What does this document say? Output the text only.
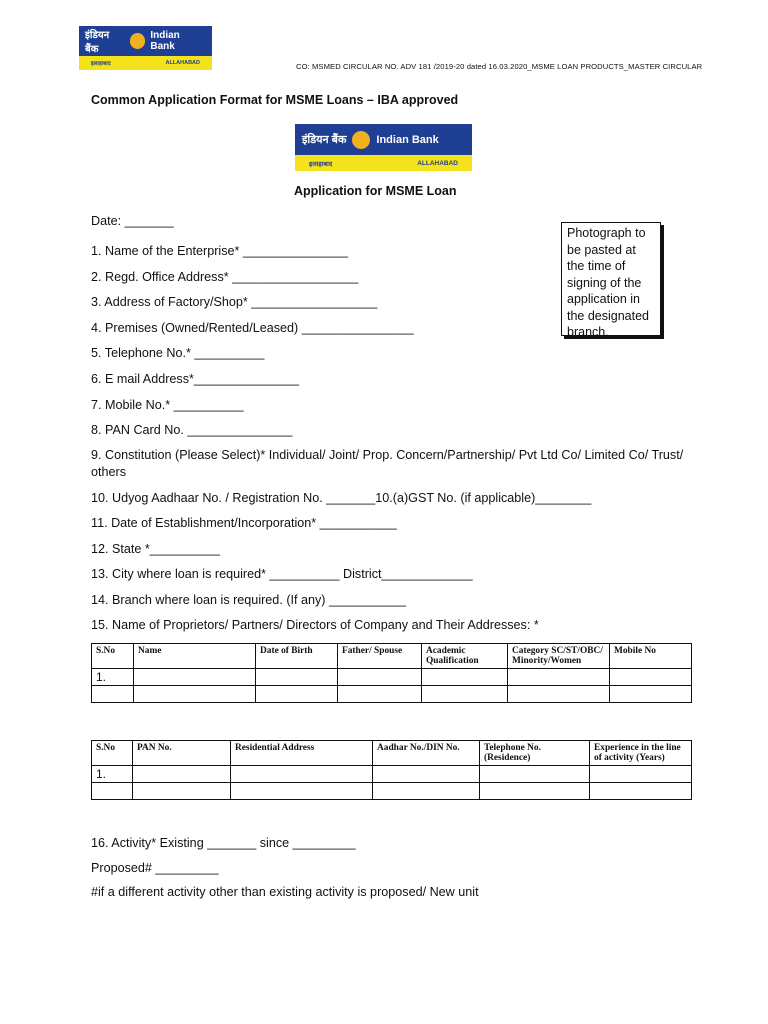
इंडियन बैंक
Indian Bank
इलाहाबाद	ALLAHABAD	CO: MSMED CIRCULAR NO. ADV 181 /2019-20 dated 16.03.2020_MSME LOAN PRODUCTS_MASTER CIRCULAR
Common Application Format for MSME Loans – IBA approved
इंडियन बैंक	Indian Bank
इलाहाबाद	ALLAHABAD
Application for MSME Loan
Photograph to be pasted at the time of signing of the application in the designated branch.
Date: _______
1. Name of the Enterprise* _______________
2. Regd. Office Address* __________________
3. Address of Factory/Shop* __________________
4. Premises (Owned/Rented/Leased) ________________
5. Telephone No.* __________
6. E mail Address*_______________
7. Mobile No.* __________
8. PAN Card No. _______________
9. Constitution (Please Select)* Individual/ Joint/ Prop. Concern/Partnership/ Pvt Ltd Co/ Limited Co/ Trust/ others
10. Udyog Aadhaar No. / Registration No. _______10.(a)GST No. (if applicable)________
11. Date of Establishment/Incorporation* ___________
12. State *__________
13. City where loan is required* __________ District_____________
14. Branch where loan is required. (If any) ___________
15. Name of Proprietors/ Partners/ Directors of Company and Their Addresses: *
S.No	Name	Date of Birth	Father/ Spouse	Academic Qualification	Category SC/ST/OBC/ Minority/Women	Mobile No
1.						

S.No	PAN No.	Residential Address	Aadhar No./DIN No.	Telephone No. (Residence)	Experience in the line of activity (Years)
1.					

16. Activity* Existing _______ since _________
Proposed# _________
#if a different activity other than existing activity is proposed/ New unit
